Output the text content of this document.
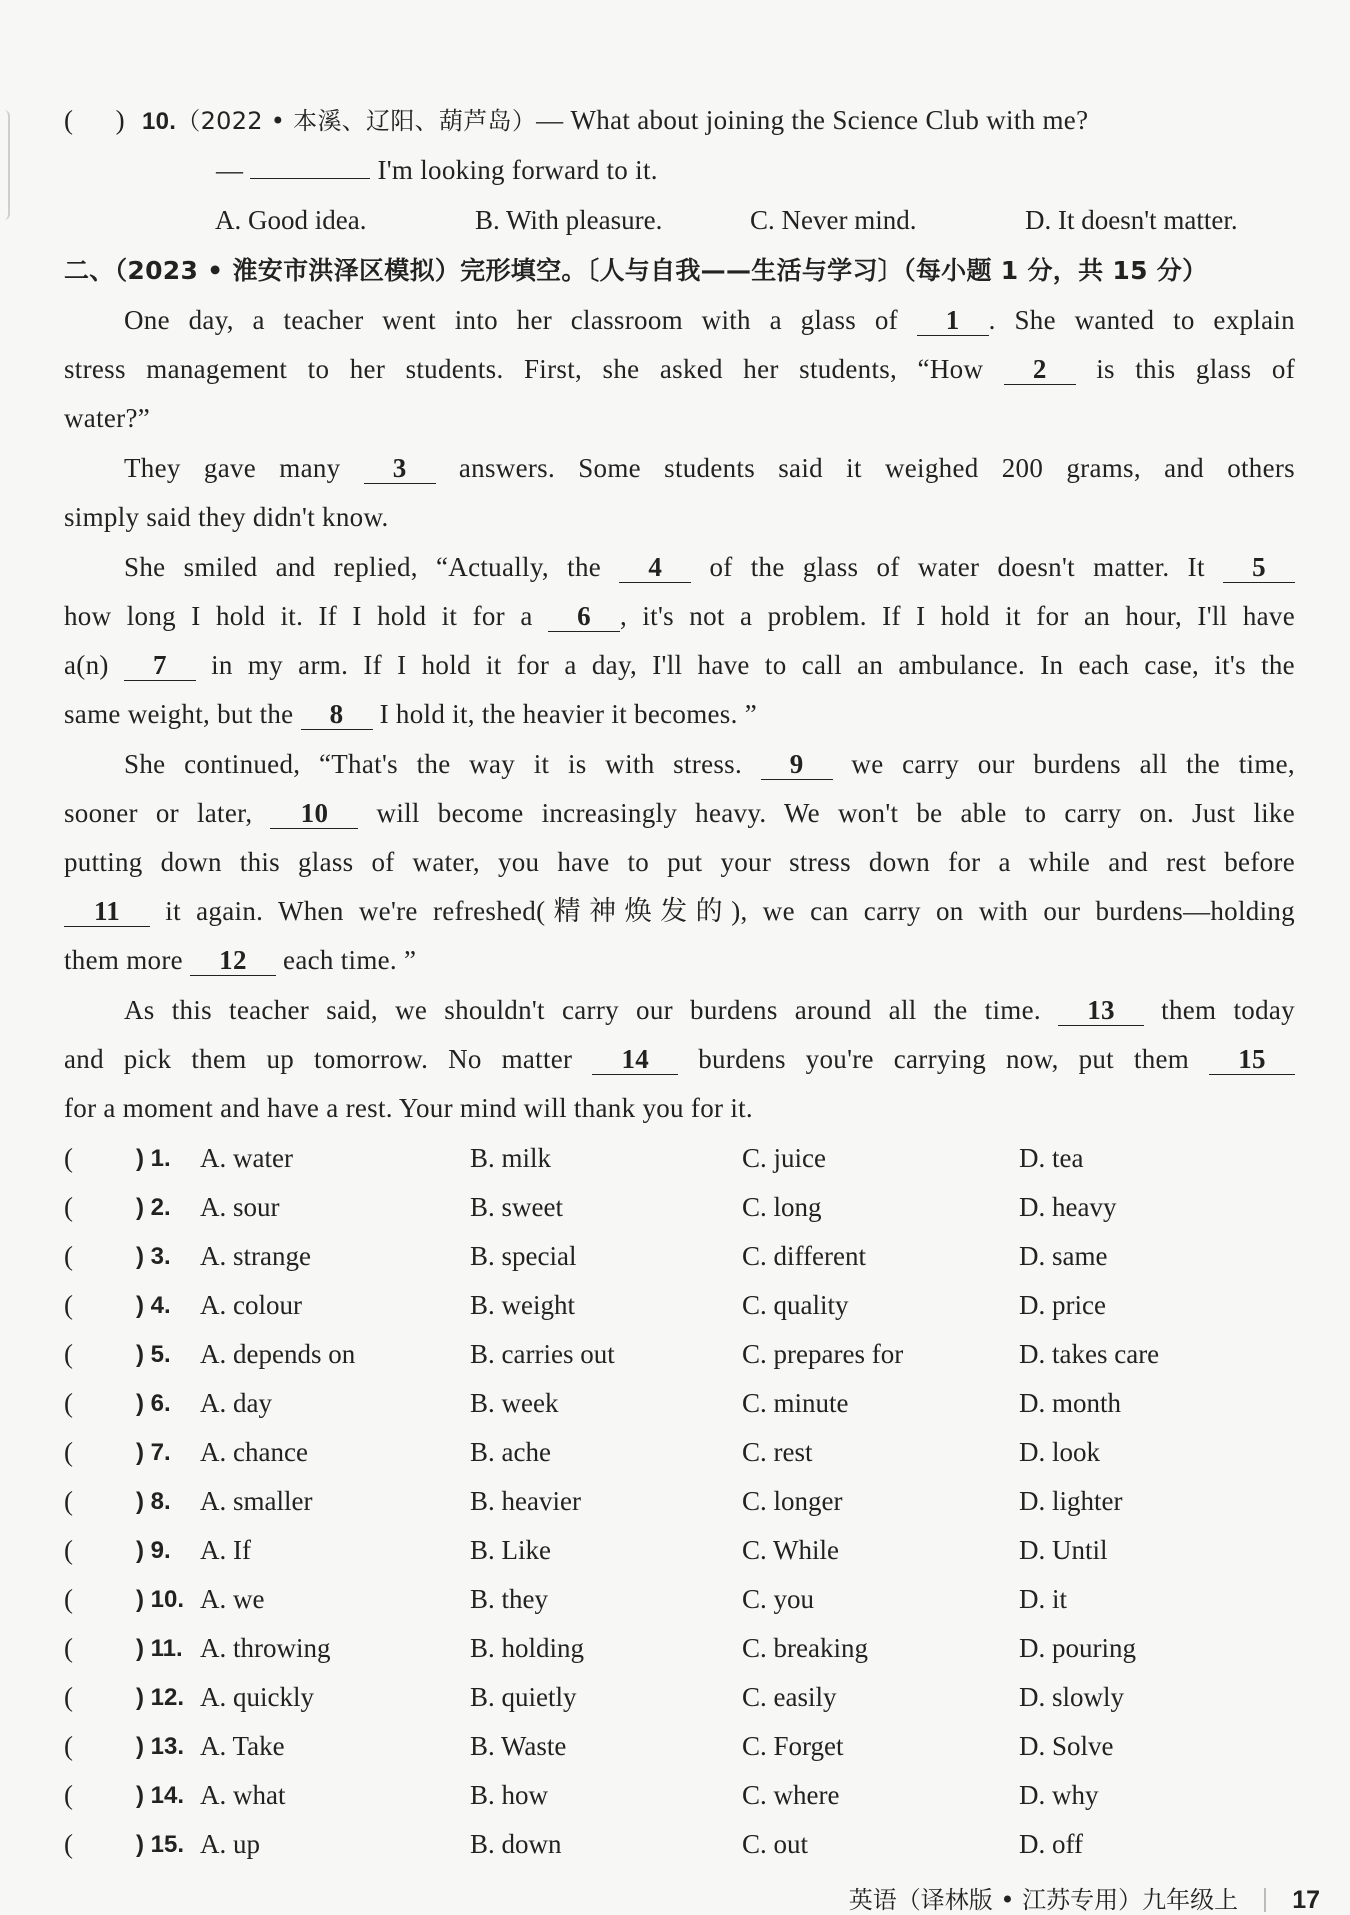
( ) 10.（2022 • 本溪、辽阳、葫芦岛）— What about joining the Science Club with me?
—	I'm looking forward to it.
A. Good idea.	B. With pleasure.	C. Never mind.	D. It doesn't matter.
二、（2023 • 淮安市洪泽区模拟）完形填空。〔人与自我——生活与学习〕（每小题 1 分，共 15 分）
One day, a teacher went into her classroom with a glass of 1 . She wanted to explain
stress management to her students. First, she asked her students, “How 2 is this glass of
water?”
They gave many 3 answers. Some students said it weighed 200 grams, and others
simply said they didn't know.
She smiled and replied, “Actually, the 4 of the glass of water doesn't matter. It 5
how long I hold it. If I hold it for a 6 , it's not a problem. If I hold it for an hour, I'll have
a(n) 7 in my arm. If I hold it for a day, I'll have to call an ambulance. In each case, it's the
same weight, but the 8 I hold it, the heavier it becomes. ”
She continued, “That's the way it is with stress. 9 we carry our burdens all the time,
sooner or later, 10 will become increasingly heavy. We won't be able to carry on. Just like
putting down this glass of water, you have to put your stress down for a while and rest before
11 it again. When we're refreshed(精神焕发的), we can carry on with our burdens—holding
them more 12 each time. ”
As this teacher said, we shouldn't carry our burdens around all the time. 13 them today
and pick them up tomorrow. No matter 14 burdens you're carrying now, put them 15
for a moment and have a rest. Your mind will thank you for it.
(	) 1. A. water	B. milk	C. juice	D. tea
(	) 2. A. sour	B. sweet	C. long	D. heavy
(	) 3. A. strange	B. special	C. different	D. same
(	) 4. A. colour	B. weight	C. quality	D. price
(	) 5. A. depends on	B. carries out	C. prepares for	D. takes care
(	) 6. A. day	B. week	C. minute	D. month
(	) 7. A. chance	B. ache	C. rest	D. look
(	) 8. A. smaller	B. heavier	C. longer	D. lighter
(	) 9. A. If	B. Like	C. While	D. Until
(	) 10. A. we	B. they	C. you	D. it
(	) 11. A. throwing	B. holding	C. breaking	D. pouring
(	) 12. A. quickly	B. quietly	C. easily	D. slowly
(	) 13. A. Take	B. Waste	C. Forget	D. Solve
(	) 14. A. what	B. how	C. where	D. why
(	) 15. A. up	B. down	C. out	D. off
英语（译林版 • 江苏专用）九年级上 17
